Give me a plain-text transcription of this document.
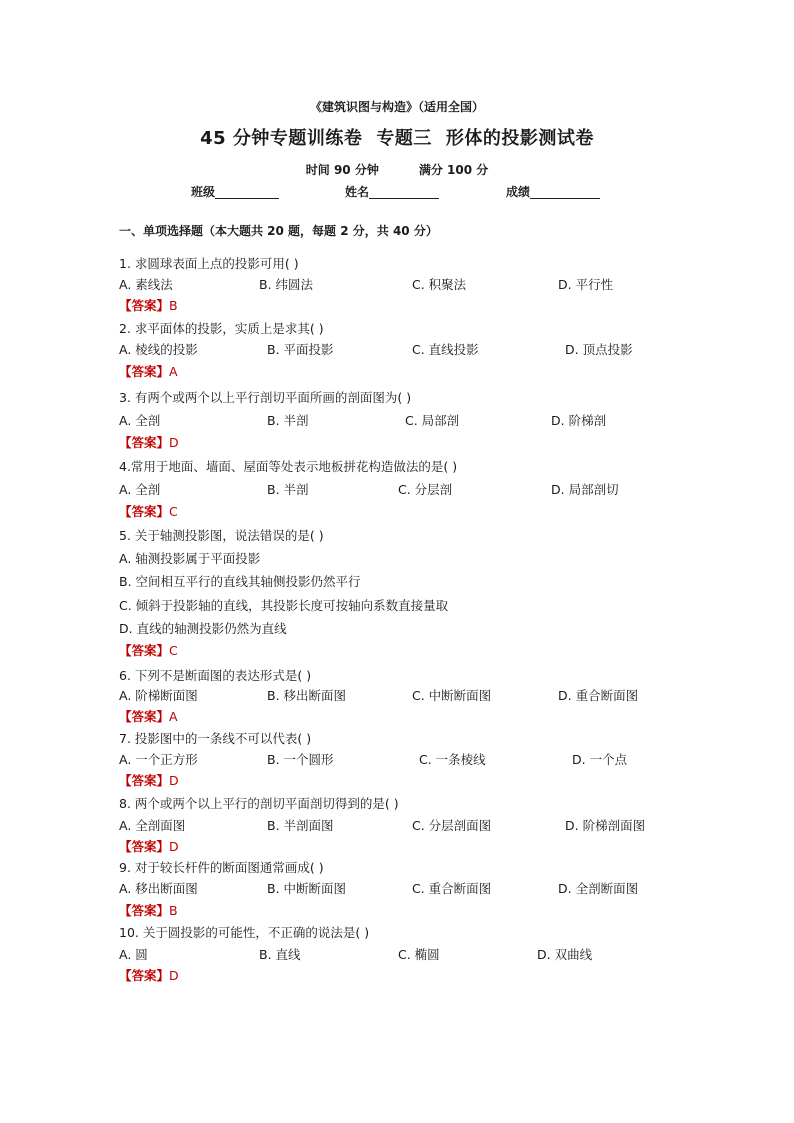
《建筑识图与构造》（适用全国）
45 分钟专题训练卷 专题三 形体的投影测试卷
时间 90 分钟	满分 100 分
班级	姓名	成绩
一、单项选择题（本大题共 20 题，每题 2 分，共 40 分）
1. 求圆球表面上点的投影可用( )
A. 素线法	B. 纬圆法	C. 积聚法	D. 平行性
【答案】B
2. 求平面体的投影，实质上是求其( )
A. 棱线的投影	B. 平面投影	C. 直线投影	D. 顶点投影
【答案】A
3. 有两个或两个以上平行剖切平面所画的剖面图为( )
A. 全剖	B. 半剖	C. 局部剖	D. 阶梯剖
【答案】D
4.常用于地面、墙面、屋面等处表示地板拼花构造做法的是( )
A. 全剖	B. 半剖	C. 分层剖	D. 局部剖切
【答案】C
5. 关于轴测投影图，说法错误的是( )
A. 轴测投影属于平面投影
B. 空间相互平行的直线其轴侧投影仍然平行
C. 倾斜于投影轴的直线，其投影长度可按轴向系数直接量取
D. 直线的轴测投影仍然为直线
【答案】C
6. 下列不是断面图的表达形式是( )
A. 阶梯断面图	B. 移出断面图	C. 中断断面图	D. 重合断面图
【答案】A
7. 投影图中的一条线不可以代表( )
A. 一个正方形	B. 一个圆形	C. 一条棱线	D. 一个点
【答案】D
8. 两个或两个以上平行的剖切平面剖切得到的是( )
A. 全剖面图	B. 半剖面图	C. 分层剖面图	D. 阶梯剖面图
【答案】D
9. 对于较长杆件的断面图通常画成( )
A. 移出断面图	B. 中断断面图	C. 重合断面图	D. 全剖断面图
【答案】B
10. 关于圆投影的可能性，不正确的说法是( )
A. 圆	B. 直线	C. 椭圆	D. 双曲线
【答案】D
